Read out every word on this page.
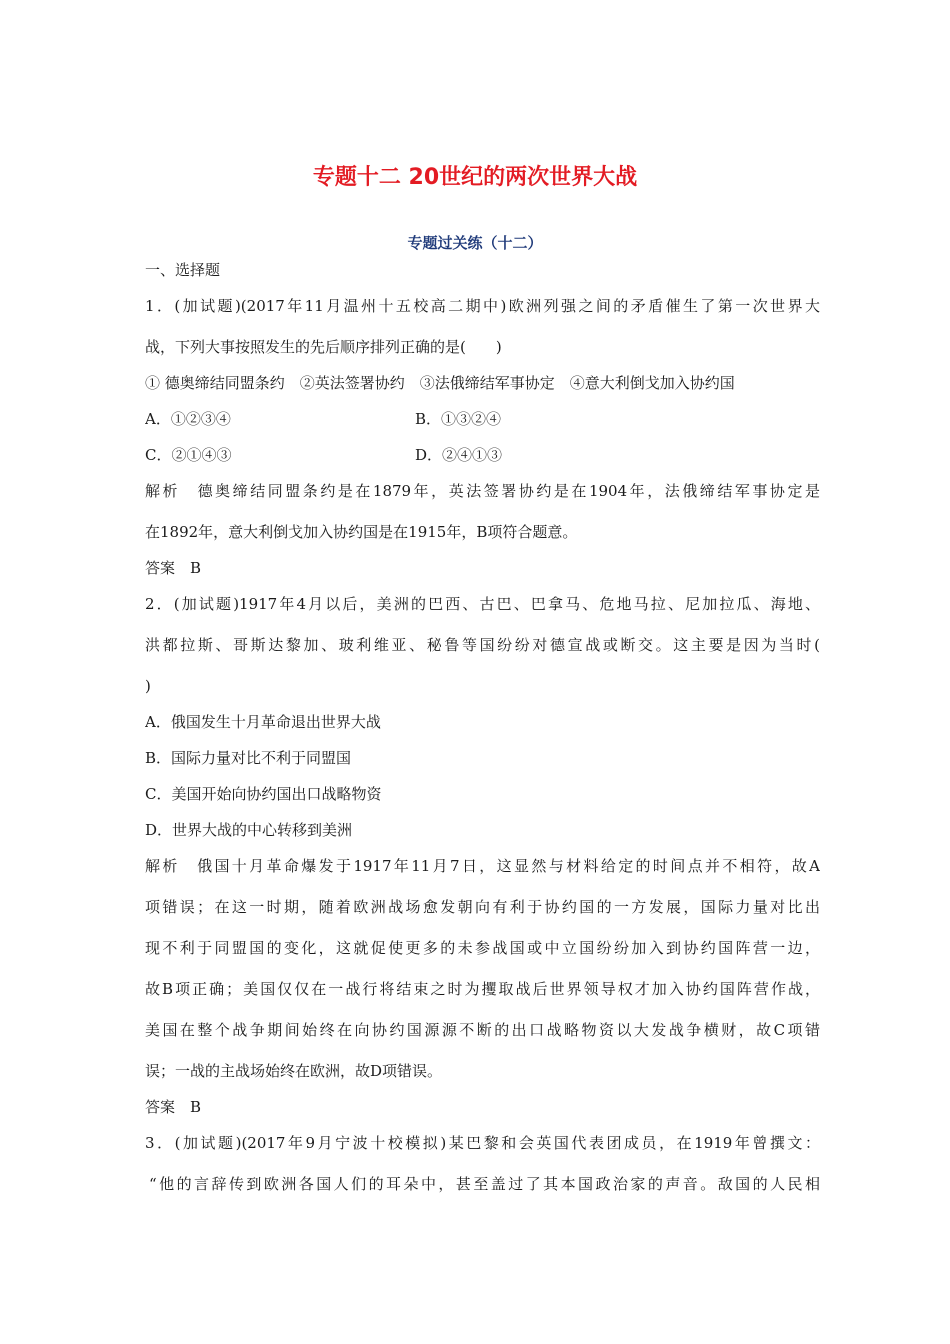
专题十二 20世纪的两次世界大战
专题过关练（十二）
一、选择题
1．(加试题)(2017年11月温州十五校高二期中)欧洲列强之间的矛盾催生了第一次世界大
战，下列大事按照发生的先后顺序排列正确的是(　　)
① 德奥缔结同盟条约　②英法签署协约　③法俄缔结军事协定　④意大利倒戈加入协约国
A．①②③④	B．①③②④
C．②①④③	D．②④①③
解析　德奥缔结同盟条约是在1879年，英法签署协约是在1904年，法俄缔结军事协定是
在1892年，意大利倒戈加入协约国是在1915年，B项符合题意。
答案　B
2．(加试题)1917年4月以后，美洲的巴西、古巴、巴拿马、危地马拉、尼加拉瓜、海地、
洪都拉斯、哥斯达黎加、玻利维亚、秘鲁等国纷纷对德宣战或断交。这主要是因为当时(
)
A．俄国发生十月革命退出世界大战
B．国际力量对比不利于同盟国
C．美国开始向协约国出口战略物资
D．世界大战的中心转移到美洲
解析　俄国十月革命爆发于1917年11月7日，这显然与材料给定的时间点并不相符，故A
项错误；在这一时期，随着欧洲战场愈发朝向有利于协约国的一方发展，国际力量对比出
现不利于同盟国的变化，这就促使更多的未参战国或中立国纷纷加入到协约国阵营一边，
故B项正确；美国仅仅在一战行将结束之时为攫取战后世界领导权才加入协约国阵营作战，
美国在整个战争期间始终在向协约国源源不断的出口战略物资以大发战争横财，故C项错
误；一战的主战场始终在欧洲，故D项错误。
答案　B
3．(加试题)(2017年9月宁波十校模拟)某巴黎和会英国代表团成员，在1919年曾撰文：
“他的言辞传到欧洲各国人们的耳朵中，甚至盖过了其本国政治家的声音。敌国的人民相
